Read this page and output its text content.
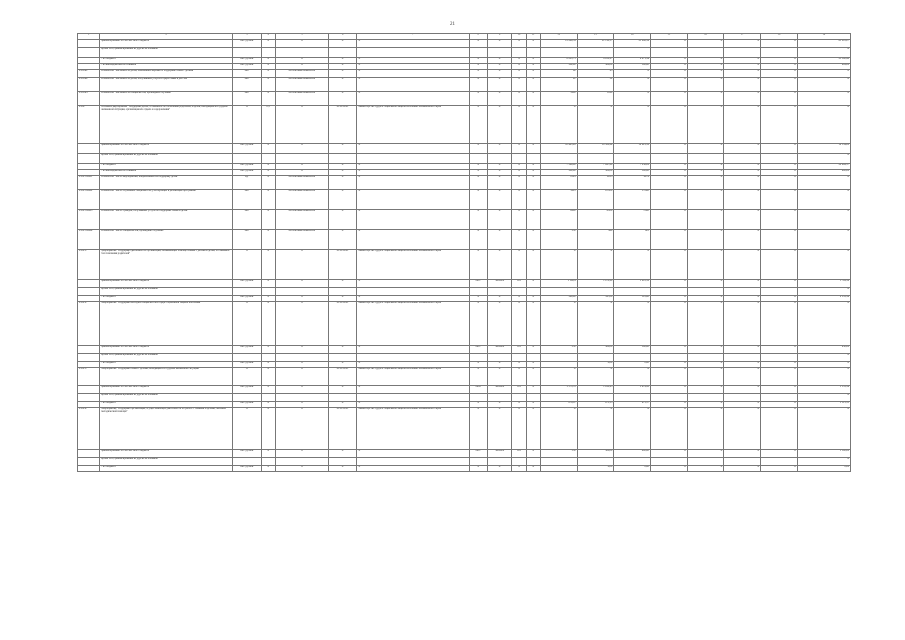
21
1	2	3	4	5	6	7	8	9	10	11	12	13	14	15	16	17	18	19
	финансирование за счет местного бюджета	тыс. рублей	X	X	X	X	X	X	X	X	21 266,54	21 110,17	21 048,36	X	X	X	X	61 205,07
	кроме того, финансирование из других источников																	X
	- из бюджета	тыс. рублей	X	X	X	X	X	X	X	X	8 223,75	8 100,27	8 071,54	X	X	X	X	23 190,98
	- из внебюджетных источников	тыс. рублей	X	X	X	X	X	X	X	X	309,00	300,00	300,00	X	X	X	X	909,00
2.6.1Ф1	Показатель "Численность детей, охваченных мерами по поддержке семей с детьми"	чел.	X	абсолютный показатель	X	X	X	X	X	X	60	65	X	X	X	X	X	X
2.6.1Ф2	Показатель "Численность детей, получивших услуги в сфере семьи и детства"	чел.	X	абсолютный показатель	X	X	X	X	X	X	22	32	X	X	X	X	X	X
2.6.1Ф3	Показатель "Численность специалистов, прошедших обучение"	чел.	X	абсолютный показатель	X	X	X	X	X	X	1000	1000	X	X	X	X	X	X
2.6.2.	Основное мероприятие "Поддержка детей, оставшихся без попечения родителей, и детей, находящихся в трудной жизненной ситуации, организация их отдыха и оздоровления"	X	0,5	X	01.01.2021	Министерство труда и социальной защиты населения Забайкальского края	X	X	X	X	X	X	X	X	X	X	X	X
	финансирование за счет местного бюджета	тыс. рублей	X	X	X	X	X	X	X	X	10 495,29	10 322,04	10 021,32	X	X	X	X	10 554,00
	кроме того, финансирование из других источников																	X
	- из бюджета	тыс. рублей	X	X	X	X	X	X	X	X	7 566,00	7 647,00	7 256,00	X	X	X	X	22 469,37
	- из внебюджетных источников	тыс. рублей	X	X	X	X	X	X	X	X	300,00	300,00	300,00	X	X	X	X	900,00
2.6.2. ПОК1	Показатель "Число мероприятий, направленных на поддержку детей"	ед.	X	абсолютный показатель	X	X	X	X	X	X	2593	2613	2278	X	X	X	X	X
2.6.2. ПОК2	Показатель "Число обученных специалистов, участвующих в реализации программы"	чел.	X	абсолютный показатель	X	X	X	X	X	X	5005	10 000	15 000	X	X	X	X	X
2.6.2. ПОК3	Показатель "Число граждан, получивших услуги по поддержке семей и детей"	чел.	X	абсолютный показатель	X	X	X	X	X	X	6000	4 000	5 000	X	X	X	X	X
2.6.2. ПОК4	Показатель "Число специалистов, прошедших обучение"	чел.	X	абсолютный показатель	X	X	X	X	X	X	350	400	425	X	X	X	X	X
2.6.2.1.	Мероприятие "Поддержка деятельности организаций, оказывающих помощь семьям с детьми и детям, оставшимся без попечения родителей"	X	X	X	01.01.2021	Министерство труда и социальной защиты населения Забайкальского края	X	X	X	X	X	X	X	X	X	X	X	X
	финансирование за счет местного бюджета	тыс. рублей	X	X	X	X	0907	5000000	611	X	1 162,4	1 070,00	1 012,32	X	X	X	X	3 799,39
	кроме того, финансирование из других источников																	X
	- из бюджета	тыс. рублей	X	X	X	X	X	X	X	X	568,00	547,00	512,00	X	X	X	X	2 333,39
2.6.2.2.	Мероприятие "Поддержка молодых специалистов в сфере социальной защиты населения"	X	X	X	01.01.2021	Министерство труда и социальной защиты населения Забайкальского края	X	X	X	X	X	X	X	X	X	X	X	X
	финансирование за счет местного бюджета	тыс. рублей	X	X	X	X	0907	5000000	611	X	350	300,00	300,00	X	X	X	X	950,00
	кроме того, финансирование из других источников																	X
	- из бюджета	тыс. рублей	X	X	X	X	X	X	X	X		0,00	0,00	X	X	X	X	X
2.6.2.3.	Мероприятие "Поддержка семей с детьми, находящихся в трудной жизненной ситуации"	X	X	X	01.01.2021	Министерство труда и социальной защиты населения Забайкальского края	X	X	X	X	X	X	X	X	X	X	X	X
	финансирование за счет местного бюджета	тыс. рублей	X	X	X	X	0902	5000000	611	X	1 573,53	1 160,95	1 479,41	X	X	X	X	1 553,14
	кроме того, финансирование из других источников																	X
	- из бюджета	тыс. рублей	X	X	X	X	X	X	X	X	670,11	671,15	675,17	X	X	X	X	1 515,13
2.6.2.4.	Мероприятие "Поддержка организаций, осуществляющих деятельность по работе с семьями и детьми, оказание методической помощи"	X	X	X	01.01.2021	Министерство труда и социальной защиты населения Забайкальского края	X	X	X	X	X	X	X	X	X	X	X	X
	финансирование за счет местного бюджета	тыс. рублей	X	X	X	X	0907	5000000	611	X	550	300,00	400,00	X	X	X	X	1 300,00
	кроме того, финансирование из других источников																	X
	- из бюджета	тыс. рублей	X	X	X	X	X	X	X	X		0,00	0,00	X	X	X	X	0,00
